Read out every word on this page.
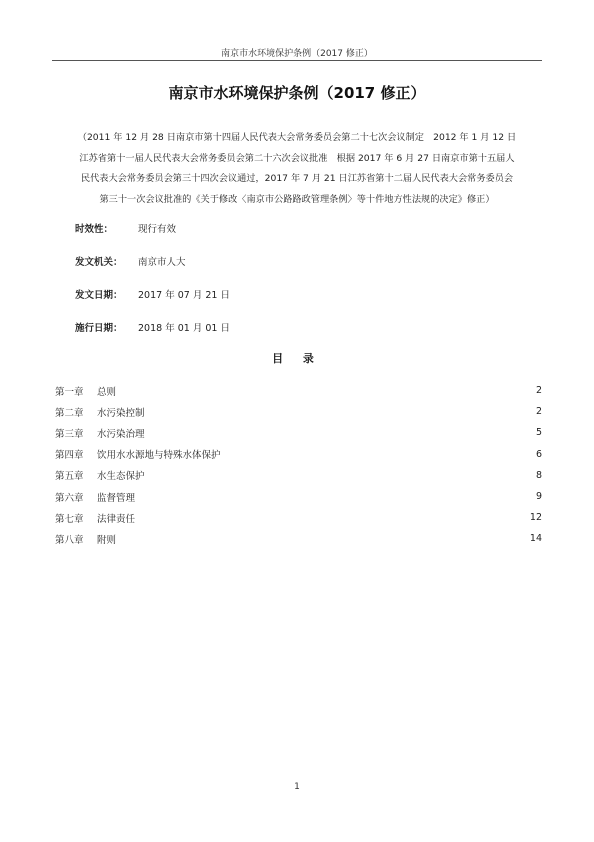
南京市水环境保护条例（2017 修正）
南京市水环境保护条例（2017 修正）
（2011 年 12 月 28 日南京市第十四届人民代表大会常务委员会第二十七次会议制定　2012 年 1 月 12 日
江苏省第十一届人民代表大会常务委员会第二十六次会议批准　根据 2017 年 6 月 27 日南京市第十五届人
民代表大会常务委员会第三十四次会议通过，2017 年 7 月 21 日江苏省第十二届人民代表大会常务委员会
第三十一次会议批准的《关于修改〈南京市公路路政管理条例〉等十件地方性法规的决定》修正）
时效性：	现行有效
发文机关：	南京市人大
发文日期：	2017 年 07 月 21 日
施行日期：	2018 年 01 月 01 日
目 录
第一章	总则	2
第二章	水污染控制	2
第三章	水污染治理	5
第四章	饮用水水源地与特殊水体保护	6
第五章	水生态保护	8
第六章	监督管理	9
第七章	法律责任	12
第八章	附则	14
1
